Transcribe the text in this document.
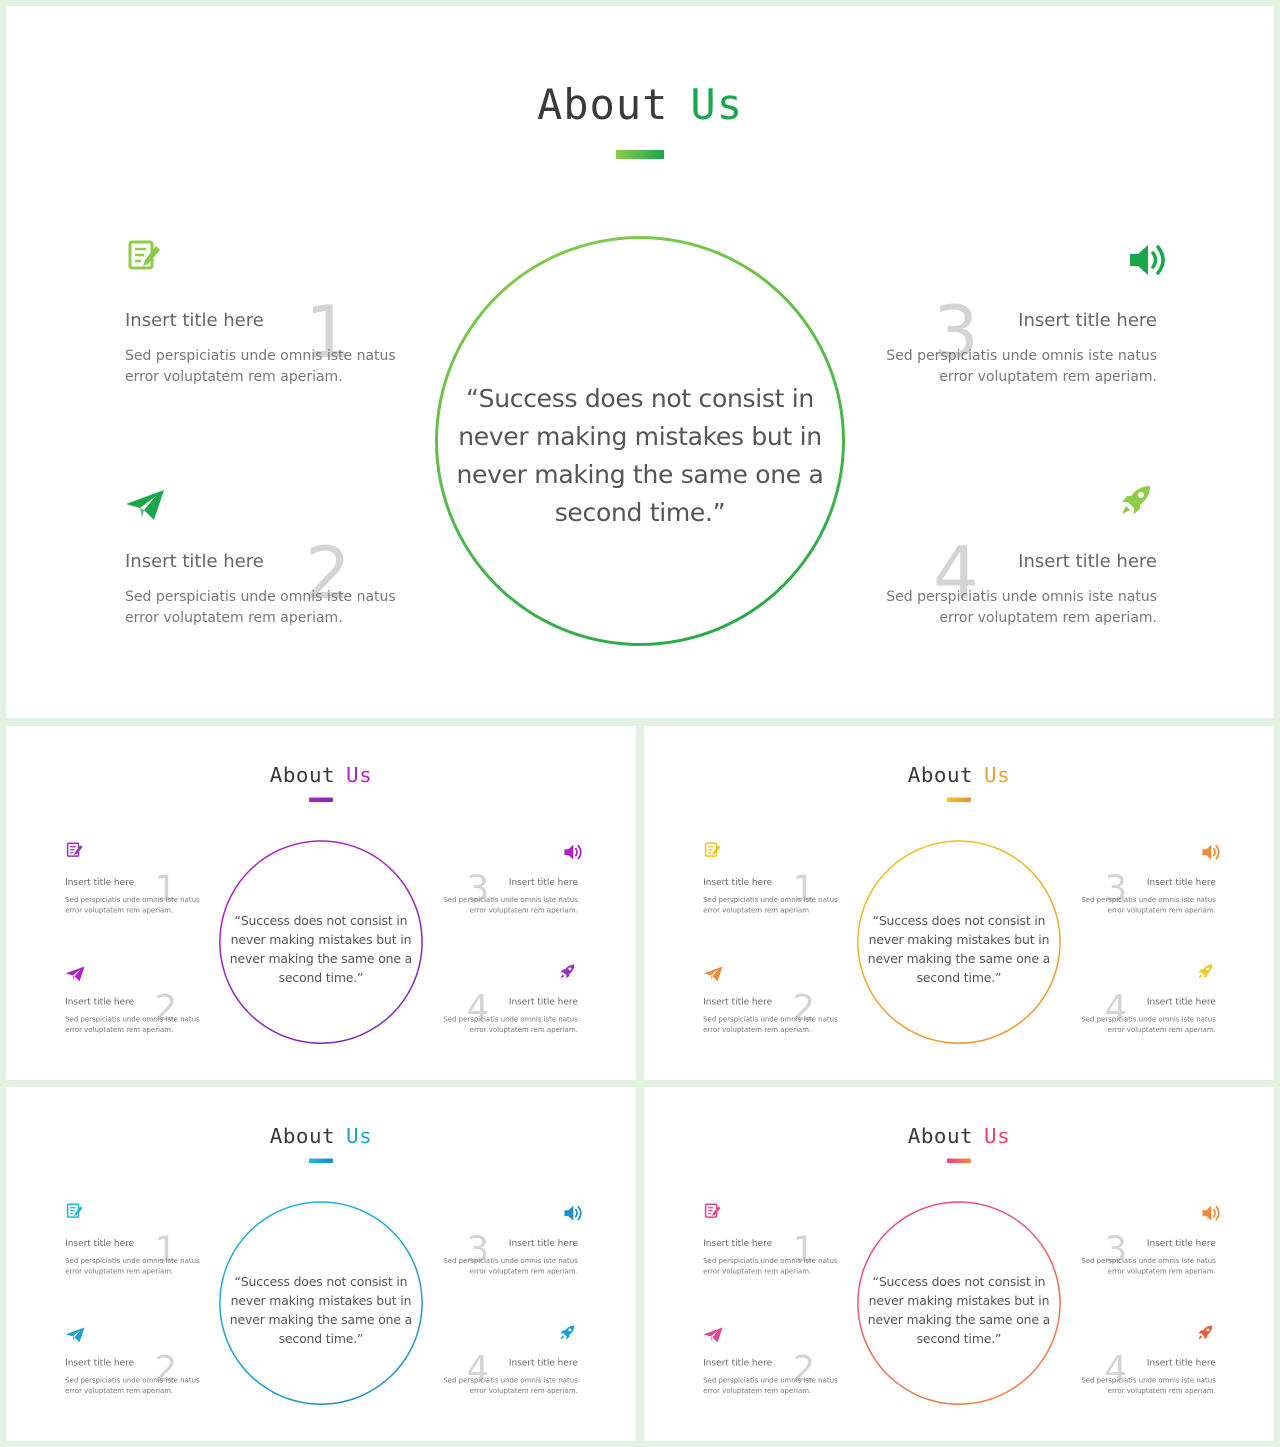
About Us
“Success does not consist in never making mistakes but in never making the same one a second time.”
1
Insert title here
Sed perspiciatis unde omnis iste natus
error voluptatem rem aperiam.
2
Insert title here
Sed perspiciatis unde omnis iste natus
error voluptatem rem aperiam.
3 Insert title here
Sed perspiciatis unde omnis iste natus
error voluptatem rem aperiam.
4 Insert title here
Sed perspiciatis unde omnis iste natus
error voluptatem rem aperiam.
About Us
“Success does not consist in never making mistakes but in never making the same one a second time.”
1
Insert title here
Sed perspiciatis unde omnis iste natus
error voluptatem rem aperiam.
2
Insert title here
Sed perspiciatis unde omnis iste natus
error voluptatem rem aperiam.
3 Insert title here
Sed perspiciatis unde omnis iste natus
error voluptatem rem aperiam.
4 Insert title here
Sed perspiciatis unde omnis iste natus
error voluptatem rem aperiam.
About Us
“Success does not consist in never making mistakes but in never making the same one a second time.”
1
Insert title here
Sed perspiciatis unde omnis iste natus
error voluptatem rem aperiam.
2
Insert title here
Sed perspiciatis unde omnis iste natus
error voluptatem rem aperiam.
3 Insert title here
Sed perspiciatis unde omnis iste natus
error voluptatem rem aperiam.
4 Insert title here
Sed perspiciatis unde omnis iste natus
error voluptatem rem aperiam.
About Us
“Success does not consist in never making mistakes but in never making the same one a second time.”
1
Insert title here
Sed perspiciatis unde omnis iste natus
error voluptatem rem aperiam.
2
Insert title here
Sed perspiciatis unde omnis iste natus
error voluptatem rem aperiam.
3 Insert title here
Sed perspiciatis unde omnis iste natus
error voluptatem rem aperiam.
4 Insert title here
Sed perspiciatis unde omnis iste natus
error voluptatem rem aperiam.
About Us
“Success does not consist in never making mistakes but in never making the same one a second time.”
1
Insert title here
Sed perspiciatis unde omnis iste natus
error voluptatem rem aperiam.
2
Insert title here
Sed perspiciatis unde omnis iste natus
error voluptatem rem aperiam.
3 Insert title here
Sed perspiciatis unde omnis iste natus
error voluptatem rem aperiam.
4 Insert title here
Sed perspiciatis unde omnis iste natus
error voluptatem rem aperiam.
